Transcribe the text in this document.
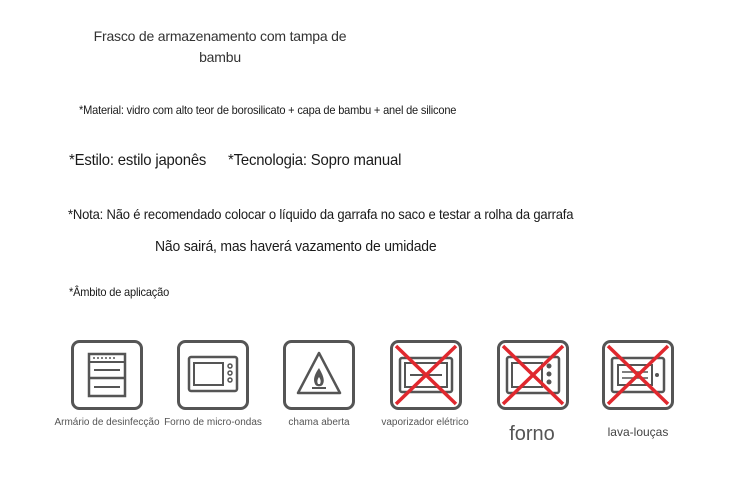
Frasco de armazenamento com tampa de bambu
*Material: vidro com alto teor de borosilicato + capa de bambu + anel de silicone
*Estilo: estilo japonês *Tecnologia: Sopro manual
*Nota: Não é recomendado colocar o líquido da garrafa no saco e testar a rolha da garrafa
Não sairá, mas haverá vazamento de umidade
*Âmbito de aplicação
Armário de desinfecção Forno de micro-ondas	chama aberta	vaporizador elétrico
forno	lava-louças
